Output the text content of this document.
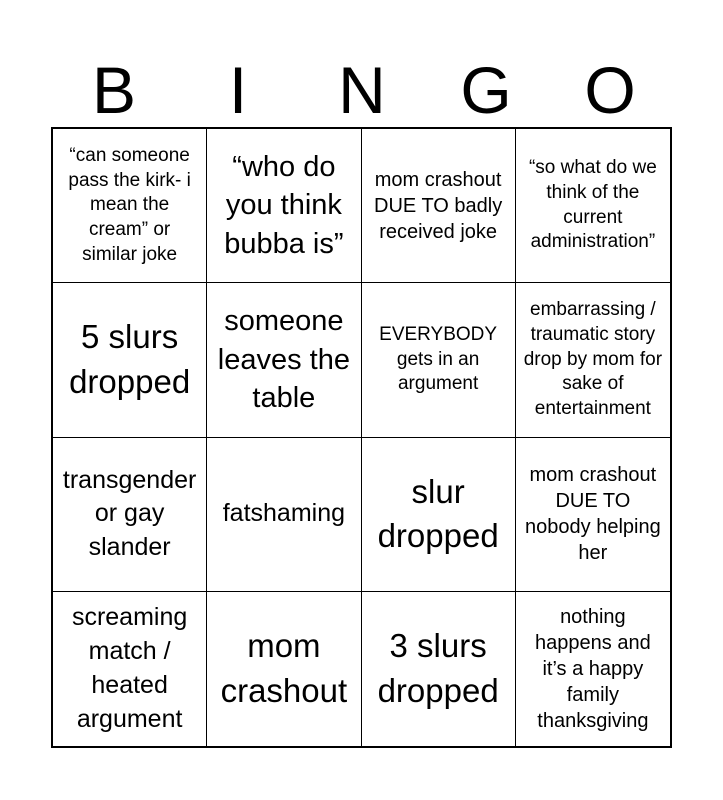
B	I	N	G	O
“can someone pass the kirk- i mean the cream” or similar joke
“who do you think bubba is”
mom crashout DUE TO badly received joke
“so what do we think of the current administration”
5 slurs dropped
someone leaves the table
EVERYBODY gets in an argument
embarrassing / traumatic story drop by mom for sake of entertainment
transgender or gay slander
fatshaming
slur dropped
mom crashout DUE TO nobody helping her
screaming match / heated argument
mom crashout
3 slurs dropped
nothing happens and it’s a happy family thanksgiving
